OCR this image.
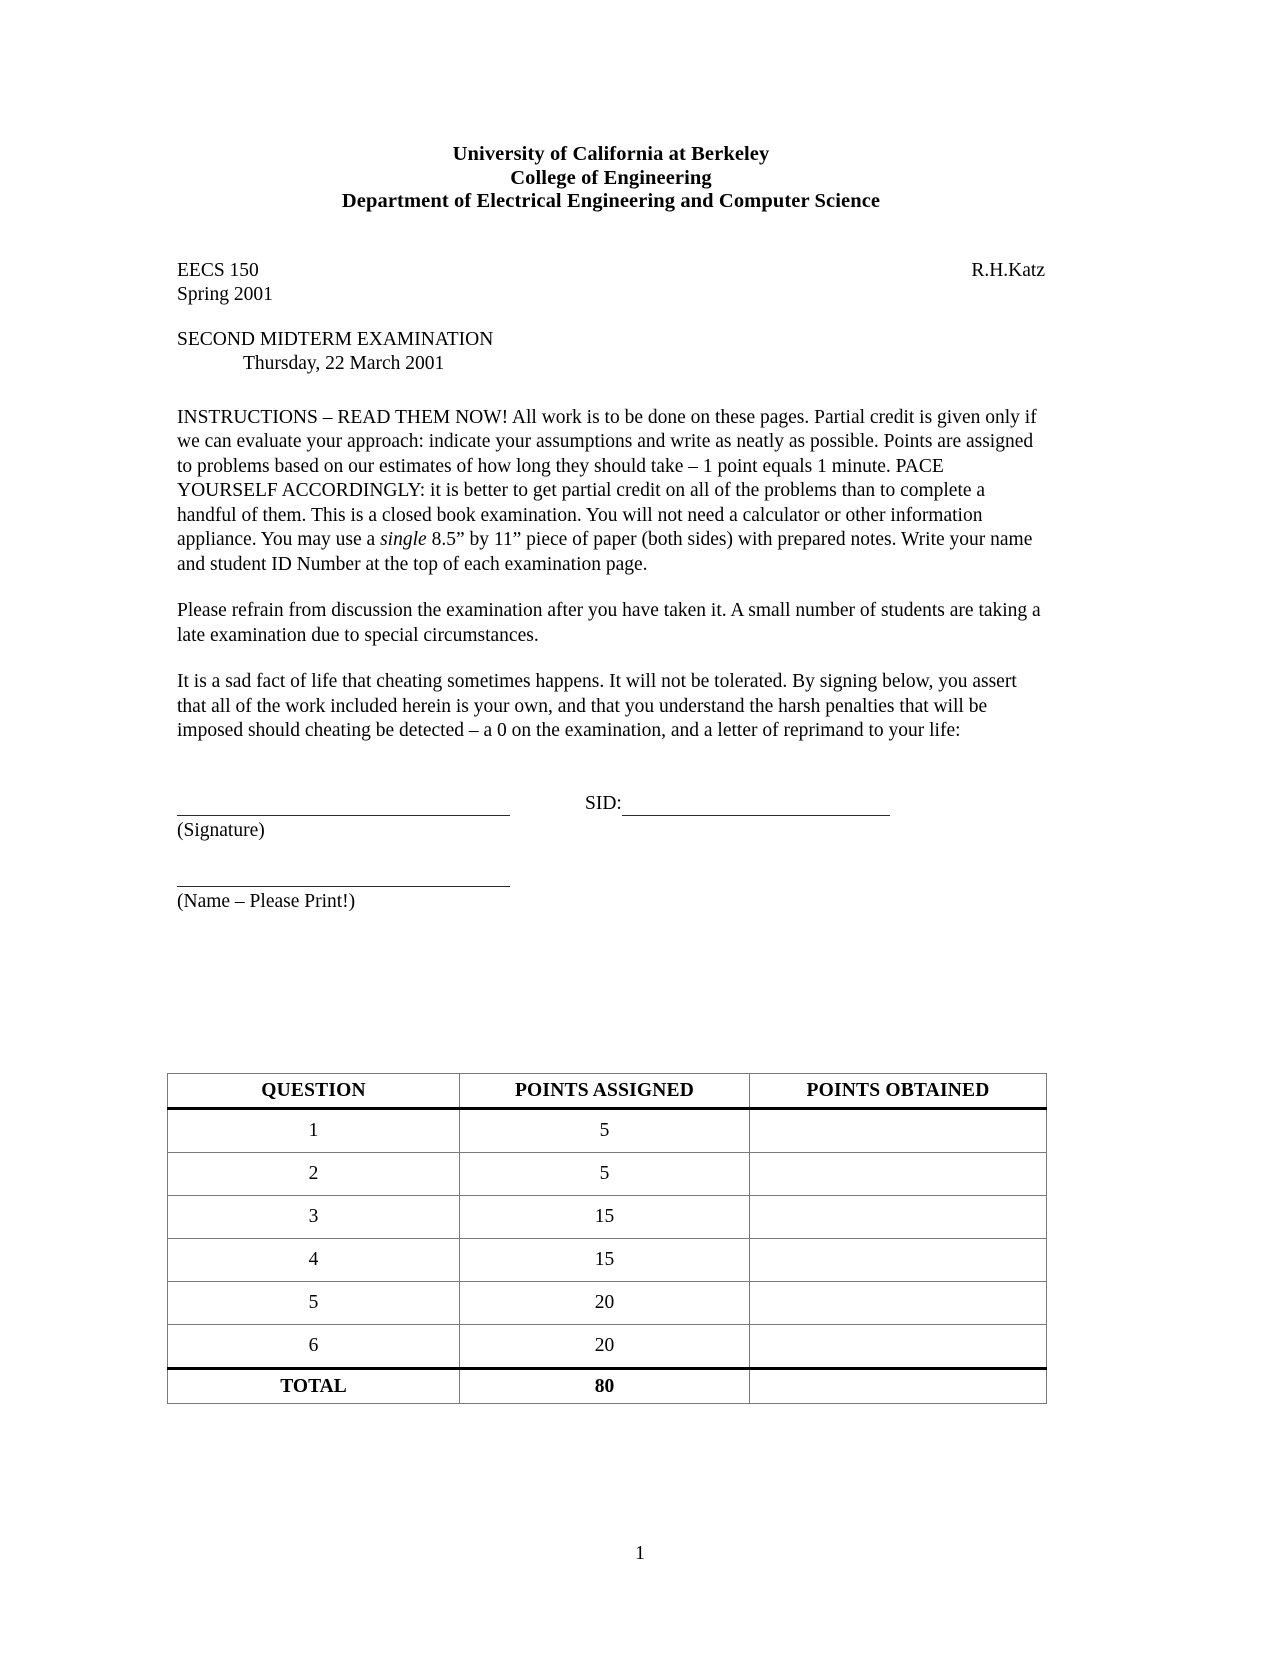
University of California at Berkeley
College of Engineering
Department of Electrical Engineering and Computer Science
EECS 150	R.H.Katz
Spring 2001
SECOND MIDTERM EXAMINATION
Thursday, 22 March 2001

INSTRUCTIONS – READ THEM NOW! All work is to be done on these pages. Partial credit is given only if we can evaluate your approach: indicate your assumptions and write as neatly as possible. Points are assigned to problems based on our estimates of how long they should take – 1 point equals 1 minute. PACE YOURSELF ACCORDINGLY: it is better to get partial credit on all of the problems than to complete a handful of them. This is a closed book examination. You will not need a calculator or other information appliance. You may use a single 8.5” by 11” piece of paper (both sides) with prepared notes. Write your name and student ID Number at the top of each examination page.

Please refrain from discussion the examination after you have taken it. A small number of students are taking a late examination due to special circumstances.

It is a sad fact of life that cheating sometimes happens. It will not be tolerated. By signing below, you assert that all of the work included herein is your own, and that you understand the harsh penalties that will be imposed should cheating be detected – a 0 on the examination, and a letter of reprimand to your life:

SID:
(Signature)
(Name – Please Print!)
QUESTION	POINTS ASSIGNED	POINTS OBTAINED
1	5	
2	5	
3	15	
4	15	
5	20	
6	20	
TOTAL	80	
1
